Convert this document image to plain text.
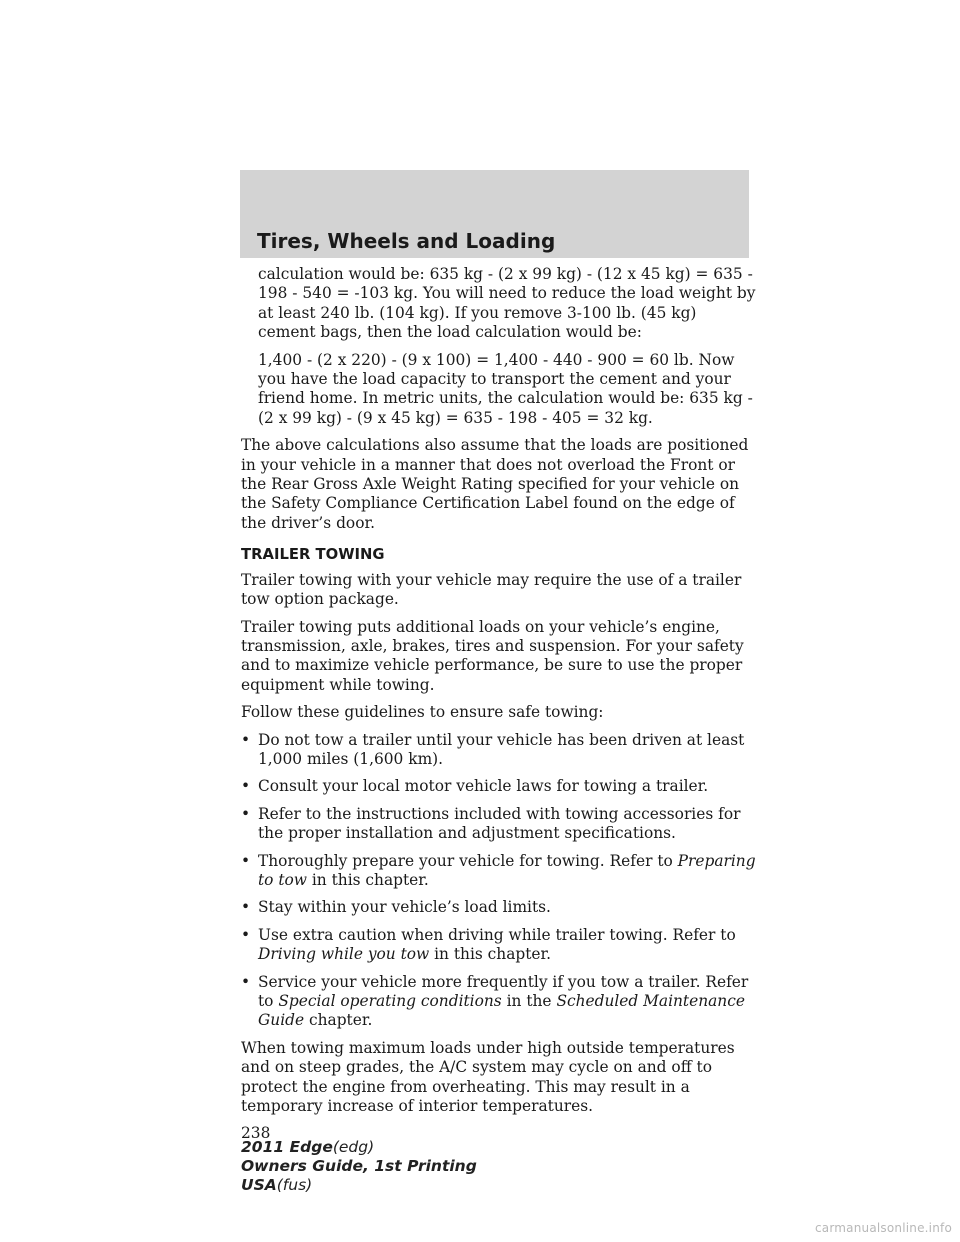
Tires, Wheels and Loading

calculation would be: 635 kg - (2 x 99 kg) - (12 x 45 kg) = 635 - 198 - 540 = -103 kg. You will need to reduce the load weight by at least 240 lb. (104 kg). If you remove 3-100 lb. (45 kg) cement bags, then the load calculation would be:

1,400 - (2 x 220) - (9 x 100) = 1,400 - 440 - 900 = 60 lb. Now you have the load capacity to transport the cement and your friend home. In metric units, the calculation would be: 635 kg - (2 x 99 kg) - (9 x 45 kg) = 635 - 198 - 405 = 32 kg.

The above calculations also assume that the loads are positioned in your vehicle in a manner that does not overload the Front or the Rear Gross Axle Weight Rating specified for your vehicle on the Safety Compliance Certification Label found on the edge of the driver’s door.

TRAILER TOWING

Trailer towing with your vehicle may require the use of a trailer tow option package.

Trailer towing puts additional loads on your vehicle’s engine, transmission, axle, brakes, tires and suspension. For your safety and to maximize vehicle performance, be sure to use the proper equipment while towing.

Follow these guidelines to ensure safe towing:

• Do not tow a trailer until your vehicle has been driven at least 1,000 miles (1,600 km).
• Consult your local motor vehicle laws for towing a trailer.
• Refer to the instructions included with towing accessories for the proper installation and adjustment specifications.
• Thoroughly prepare your vehicle for towing. Refer to Preparing to tow in this chapter.
• Stay within your vehicle’s load limits.
• Use extra caution when driving while trailer towing. Refer to Driving while you tow in this chapter.
• Service your vehicle more frequently if you tow a trailer. Refer to Special operating conditions in the Scheduled Maintenance Guide chapter.

When towing maximum loads under high outside temperatures and on steep grades, the A/C system may cycle on and off to protect the engine from overheating. This may result in a temporary increase of interior temperatures.

238
2011 Edge(edg)
Owners Guide, 1st Printing
USA(fus)
carmanualsonline.info
